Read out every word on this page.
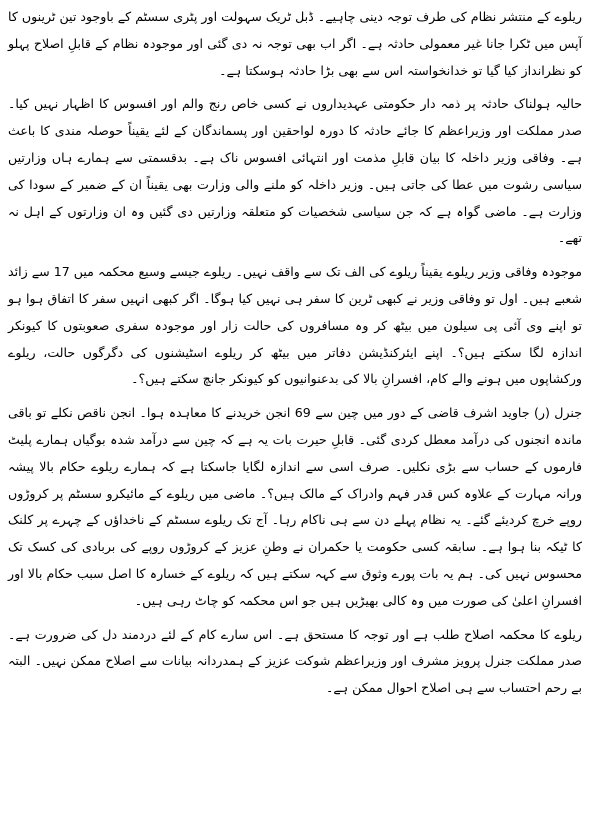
ریلوے کے منتشر نظام کی طرف توجہ دینی چاہیے۔ ڈبل ٹریک سہولت اور پٹری سسٹم کے باوجود تین ٹرینوں کا آپس میں ٹکرا جانا غیر معمولی حادثہ ہے۔ اگر اب بھی توجہ نہ دی گئی اور موجودہ نظام کے قابلِ اصلاح پہلو کو نظرانداز کیا گیا تو خدانخواستہ اس سے بھی بڑا حادثہ ہوسکتا ہے۔

حالیہ ہولناک حادثہ پر ذمہ دار حکومتی عہدیداروں نے کسی خاص رنج والم اور افسوس کا اظہار نہیں کیا۔ صدر مملکت اور وزیراعظم کا جائے حادثہ کا دورہ لواحقین اور پسماندگان کے لئے یقیناً حوصلہ مندی کا باعث ہے۔ وفاقی وزیر داخلہ کا بیان قابلِ مذمت اور انتہائی افسوس ناک ہے۔ بدقسمتی سے ہمارے ہاں وزارتیں سیاسی رشوت میں عطا کی جاتی ہیں۔ وزیر داخلہ کو ملنے والی وزارت بھی یقیناً ان کے ضمیر کے سودا کی وزارت ہے۔ ماضی گواہ ہے کہ جن سیاسی شخصیات کو متعلقہ وزارتیں دی گئیں وہ ان وزارتوں کے اہل نہ تھے۔

موجودہ وفاقی وزیر ریلوے یقیناً ریلوے کی الف تک سے واقف نہیں۔ ریلوے جیسے وسیع محکمہ میں 17 سے زائد شعبے ہیں۔ اول تو وفاقی وزیر نے کبھی ٹرین کا سفر ہی نہیں کیا ہوگا۔ اگر کبھی انہیں سفر کا اتفاق ہوا ہو تو اپنے وی آئی پی سیلون میں بیٹھ کر وہ مسافروں کی حالت زار اور موجودہ سفری صعوبتوں کا کیونکر اندازہ لگا سکتے ہیں؟۔ اپنے ایئرکنڈیشن دفاتر میں بیٹھ کر ریلوے اسٹیشنوں کی دگرگوں حالت، ریلوے ورکشاپوں میں ہونے والے کام، افسرانِ بالا کی بدعنوانیوں کو کیونکر جانچ سکتے ہیں؟۔

جنرل (ر) جاوید اشرف قاضی کے دور میں چین سے 69 انجن خریدنے کا معاہدہ ہوا۔ انجن ناقص نکلے تو باقی ماندہ انجنوں کی درآمد معطل کردی گئی۔ قابلِ حیرت بات یہ ہے کہ چین سے درآمد شدہ بوگیاں ہمارے پلیٹ فارموں کے حساب سے بڑی نکلیں۔ صرف اسی سے اندازہ لگایا جاسکتا ہے کہ ہمارے ریلوے حکام بالا پیشہ ورانہ مہارت کے علاوہ کس قدر فہم وادراک کے مالک ہیں؟۔ ماضی میں ریلوے کے مائیکرو سسٹم پر کروڑوں روپے خرچ کردیئے گئے۔ یہ نظام پہلے دن سے ہی ناکام رہا۔ آج تک ریلوے سسٹم کے ناخداؤں کے چہرے پر کلنک کا ٹیکہ بنا ہوا ہے۔ سابقہ کسی حکومت یا حکمران نے وطنِ عزیز کے کروڑوں روپے کی بربادی کی کسک تک محسوس نہیں کی۔ ہم یہ بات پورے وثوق سے کہہ سکتے ہیں کہ ریلوے کے خسارہ کا اصل سبب حکام بالا اور افسرانِ اعلیٰ کی صورت میں وہ کالی بھیڑیں ہیں جو اس محکمہ کو چاٹ رہی ہیں۔

ریلوے کا محکمہ اصلاح طلب ہے اور توجہ کا مستحق ہے۔ اس سارے کام کے لئے دردمند دل کی ضرورت ہے۔ صدر مملکت جنرل پرویز مشرف اور وزیراعظم شوکت عزیز کے ہمدردانہ بیانات سے اصلاح ممکن نہیں۔ البتہ بے رحم احتساب سے ہی اصلاح احوال ممکن ہے۔
